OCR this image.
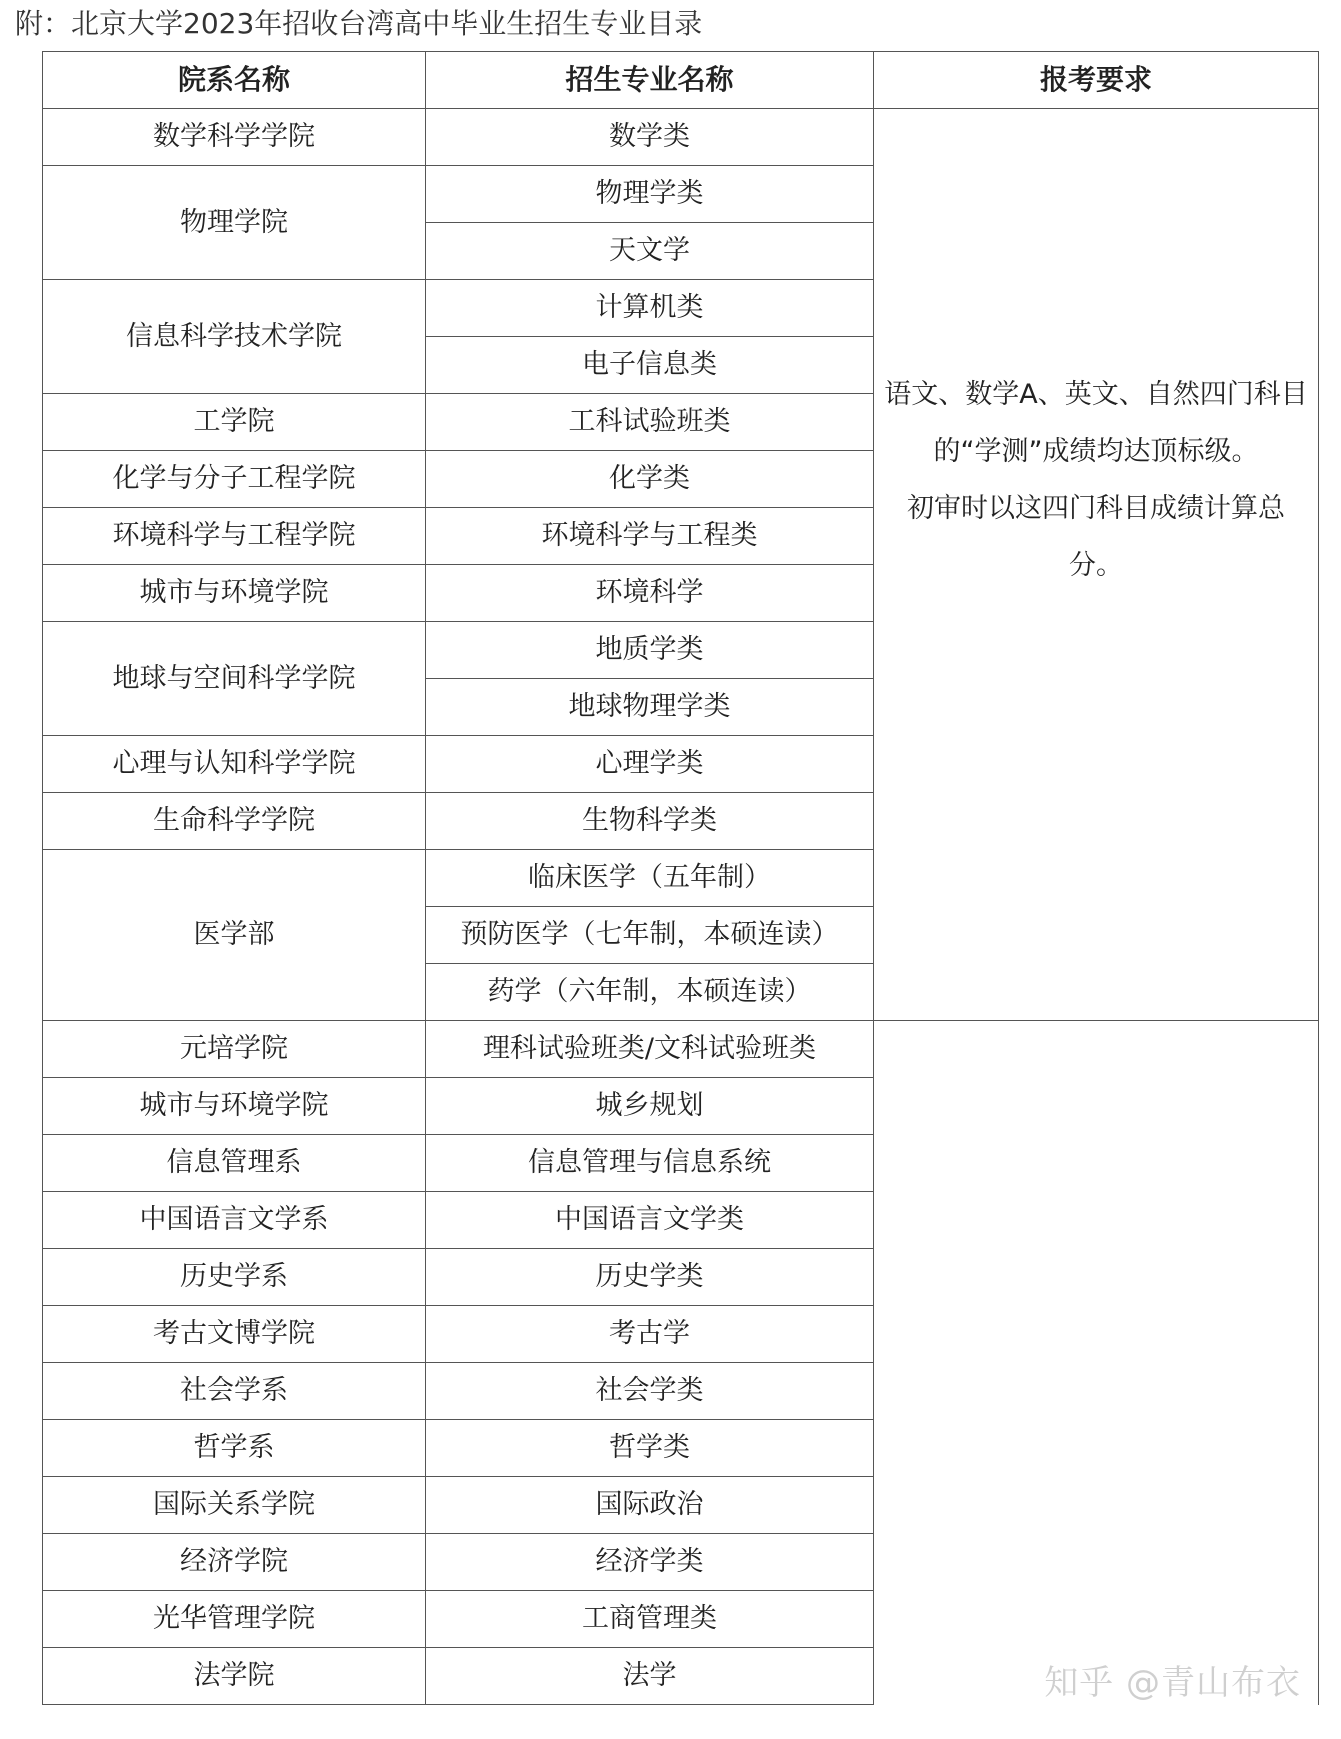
附：北京大学2023年招收台湾高中毕业生招生专业目录
院系名称	招生专业名称	报考要求
数学科学学院	数学类	语文、数学A、英文、自然四门科目
的“学测”成绩均达顶标级。
初审时以这四门科目成绩计算总
分。

物理学院	物理学类	
	天文学	
信息科学技术学院	计算机类	
	电子信息类	
工学院	工科试验班类	
化学与分子工程学院	化学类	
环境科学与工程学院	环境科学与工程类	
城市与环境学院	环境科学	
地球与空间科学学院	地质学类	
	地球物理学类	
心理与认知科学学院	心理学类	
生命科学学院	生物科学类	
医学部	临床医学（五年制）	
	预防医学（七年制，本硕连读）	
	药学（六年制，本硕连读）	
元培学院	理科试验班类/文科试验班类	
城市与环境学院	城乡规划	
信息管理系	信息管理与信息系统	
中国语言文学系	中国语言文学类	
历史学系	历史学类	
考古文博学院	考古学	
社会学系	社会学类	
哲学系	哲学类	
国际关系学院	国际政治	
经济学院	经济学类	
光华管理学院	工商管理类	
法学院	法学		知乎 @青山布衣
